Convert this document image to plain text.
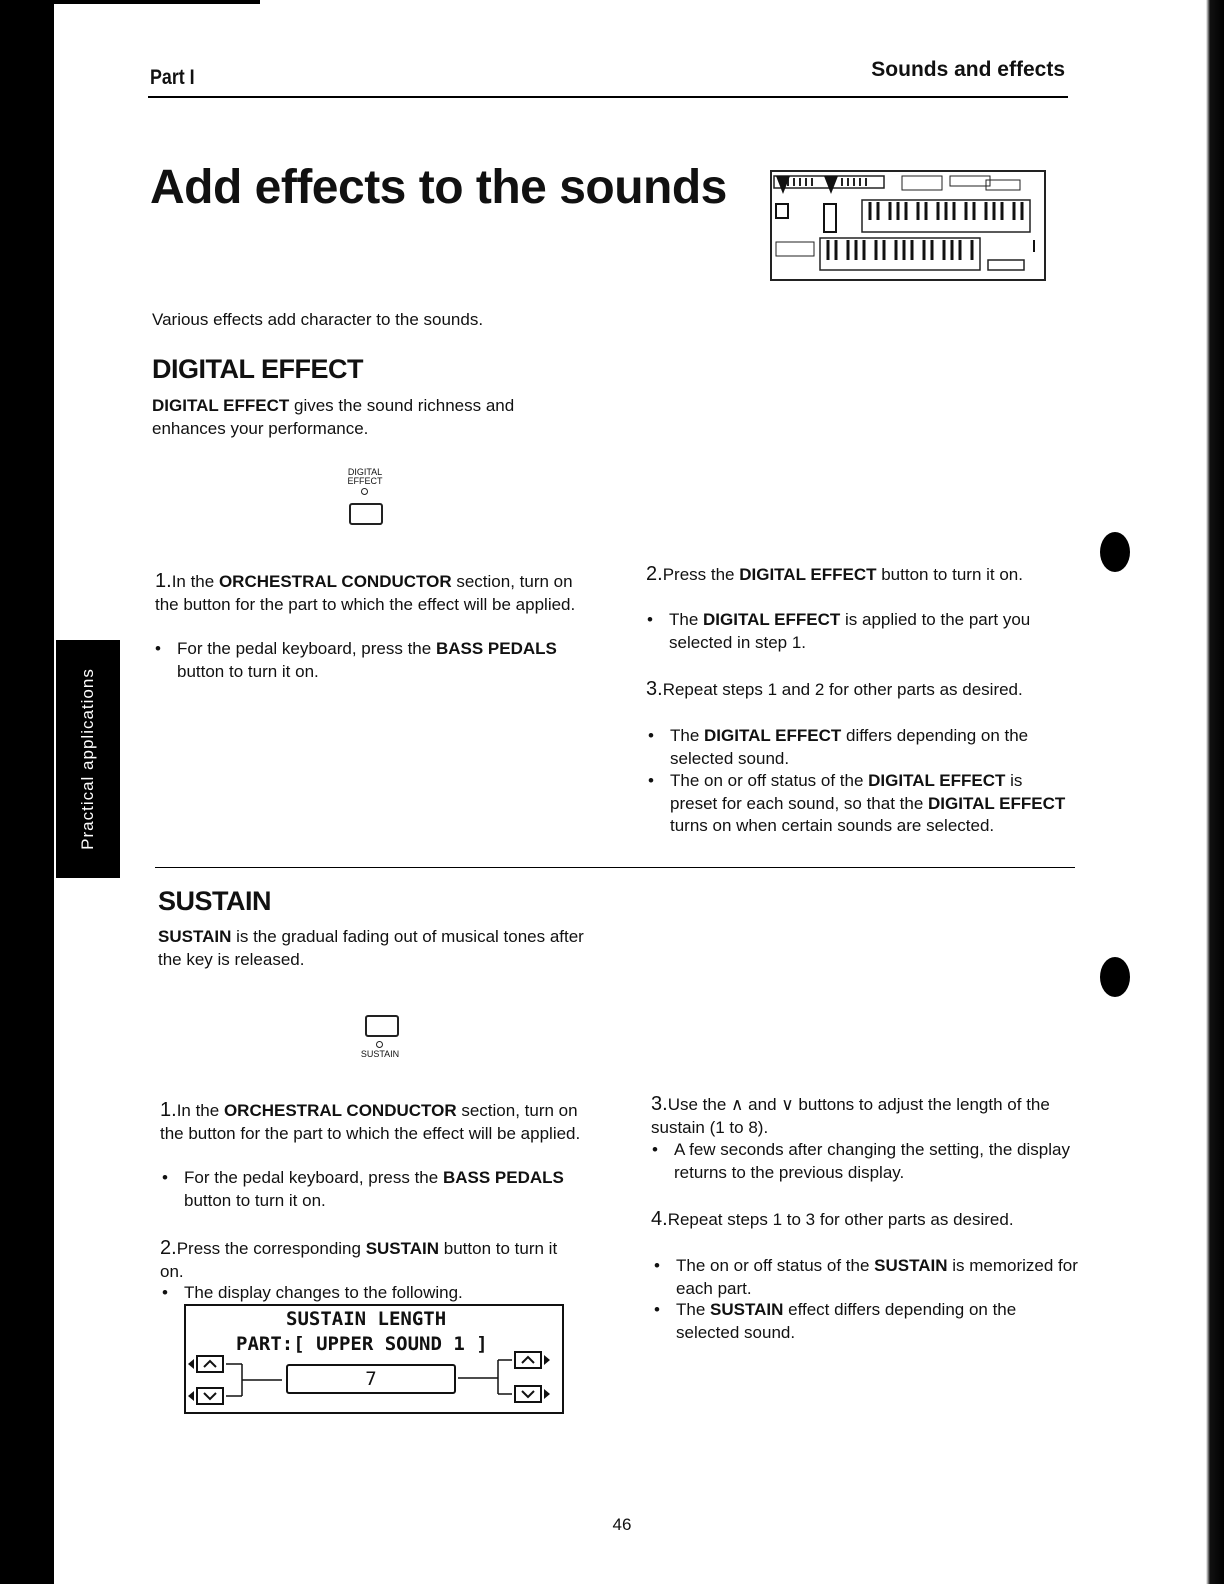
Practical applications
Part I	Sounds and effects
Add effects to the sounds
Various effects add character to the sounds.
DIGITAL EFFECT
DIGITAL EFFECT gives the sound richness and enhances your performance.
DIGITAL
EFFECT
1.In the ORCHESTRAL CONDUCTOR section, turn on the button for the part to which the effect will be applied.
• For the pedal keyboard, press the BASS PEDALS button to turn it on.
2.Press the DIGITAL EFFECT button to turn it on.
• The DIGITAL EFFECT is applied to the part you selected in step 1.
3.Repeat steps 1 and 2 for other parts as desired.
• The DIGITAL EFFECT differs depending on the selected sound.
• The on or off status of the DIGITAL EFFECT is preset for each sound, so that the DIGITAL EFFECT turns on when certain sounds are selected.
SUSTAIN
SUSTAIN is the gradual fading out of musical tones after the key is released.
SUSTAIN
1.In the ORCHESTRAL CONDUCTOR section, turn on the button for the part to which the effect will be applied.
• For the pedal keyboard, press the BASS PEDALS button to turn it on.
2.Press the corresponding SUSTAIN button to turn it on.
• The display changes to the following.
SUSTAIN LENGTH
PART:[ UPPER SOUND 1 ]
7
3.Use the ∧ and ∨ buttons to adjust the length of the sustain (1 to 8).
• A few seconds after changing the setting, the display returns to the previous display.
4.Repeat steps 1 to 3 for other parts as desired.
• The on or off status of the SUSTAIN is memorized for each part.
• The SUSTAIN effect differs depending on the selected sound.
46
